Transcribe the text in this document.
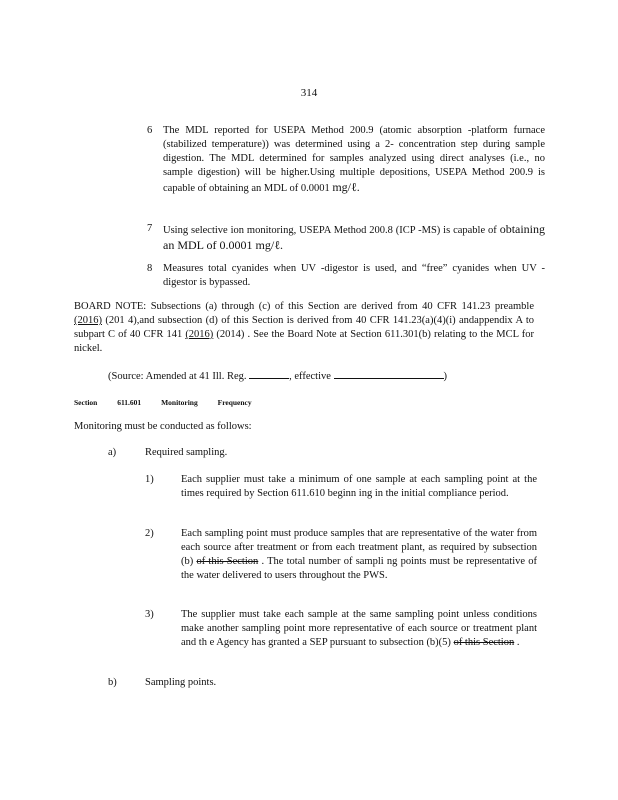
314
6 The MDL reported for USEPA Method 200.9 (atomic absorption -platform furnace (stabilized temperature)) was determined using a 2- concentration step during sample digestion. The MDL determined for samples analyzed using direct analyses (i.e., no sample digestion) will be higher.Using multiple depositions, USEPA Method 200.9 is capable of obtaining an MDL of 0.0001 mg/ℓ.
7 Using selective ion monitoring, USEPA Method 200.8 (ICP -MS) is capable of obtaining an MDL of 0.0001 mg/ℓ.
8 Measures total cyanides when UV -digestor is used, and “free” cyanides when UV -digestor is bypassed.
BOARD NOTE: Subsections (a) through (c) of this Section are derived from 40 CFR 141.23 preamble (2016) (201 4),and subsection (d) of this Section is derived from 40 CFR 141.23(a)(4)(i) andappendix A to subpart C of 40 CFR 141 (2016) (2014) . See the Board Note at Section 611.301(b) relating to the MCL for nickel.
(Source: Amended at 41 Ill. Reg.	, effective	)
Section	611.601	Monitoring	Frequency
Monitoring must be conducted as follows:
a)	Required sampling.
1)	Each supplier must take a minimum of one sample at each sampling point at the times required by Section 611.610 beginn ing in the initial compliance period.
2)	Each sampling point must produce samples that are representative of the water from each source after treatment or from each treatment plant, as required by subsection (b) of this Section . The total number of sampli ng points must be representative of the water delivered to users throughout the PWS.
3)	The supplier must take each sample at the same sampling point unless conditions make another sampling point more representative of each source or treatment plant and th e Agency has granted a SEP pursuant to subsection (b)(5) of this Section .
b)	Sampling points.
